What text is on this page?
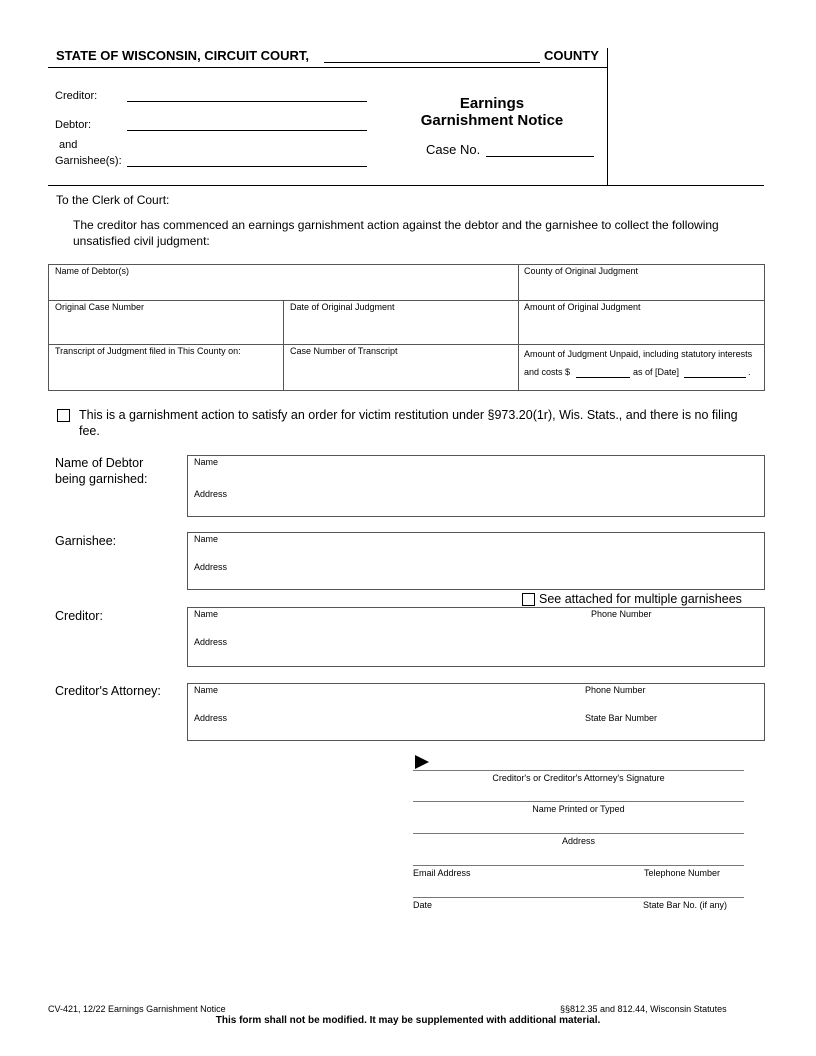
STATE OF WISCONSIN, CIRCUIT COURT,	COUNTY
Creditor:
Debtor:
and
Garnishee(s):
Earnings
Garnishment Notice
Case No.
To the Clerk of Court:
The creditor has commenced an earnings garnishment action against the debtor and the garnishee to collect the following unsatisfied civil judgment:
Name of Debtor(s)	County of Original Judgment
Original Case Number	Date of Original Judgment	Amount of Original Judgment
Transcript of Judgment filed in This County on:	Case Number of Transcript	Amount of Judgment Unpaid, including statutory interests
and costs $	as of [Date]	.
This is a garnishment action to satisfy an order for victim restitution under §973.20(1r), Wis. Stats., and there is no filing fee.
Name of Debtor
being garnished:
Name
Address
Garnishee:	Name
Address
See attached for multiple garnishees
Creditor:	Name	Phone Number
Address
Creditor's Attorney:	Name	Phone Number
Address	State Bar Number
Creditor's or Creditor's Attorney's Signature
Name Printed or Typed
Address
Email Address	Telephone Number
Date	State Bar No. (if any)
CV-421, 12/22 Earnings Garnishment Notice	§§812.35 and 812.44, Wisconsin Statutes
This form shall not be modified. It may be supplemented with additional material.
